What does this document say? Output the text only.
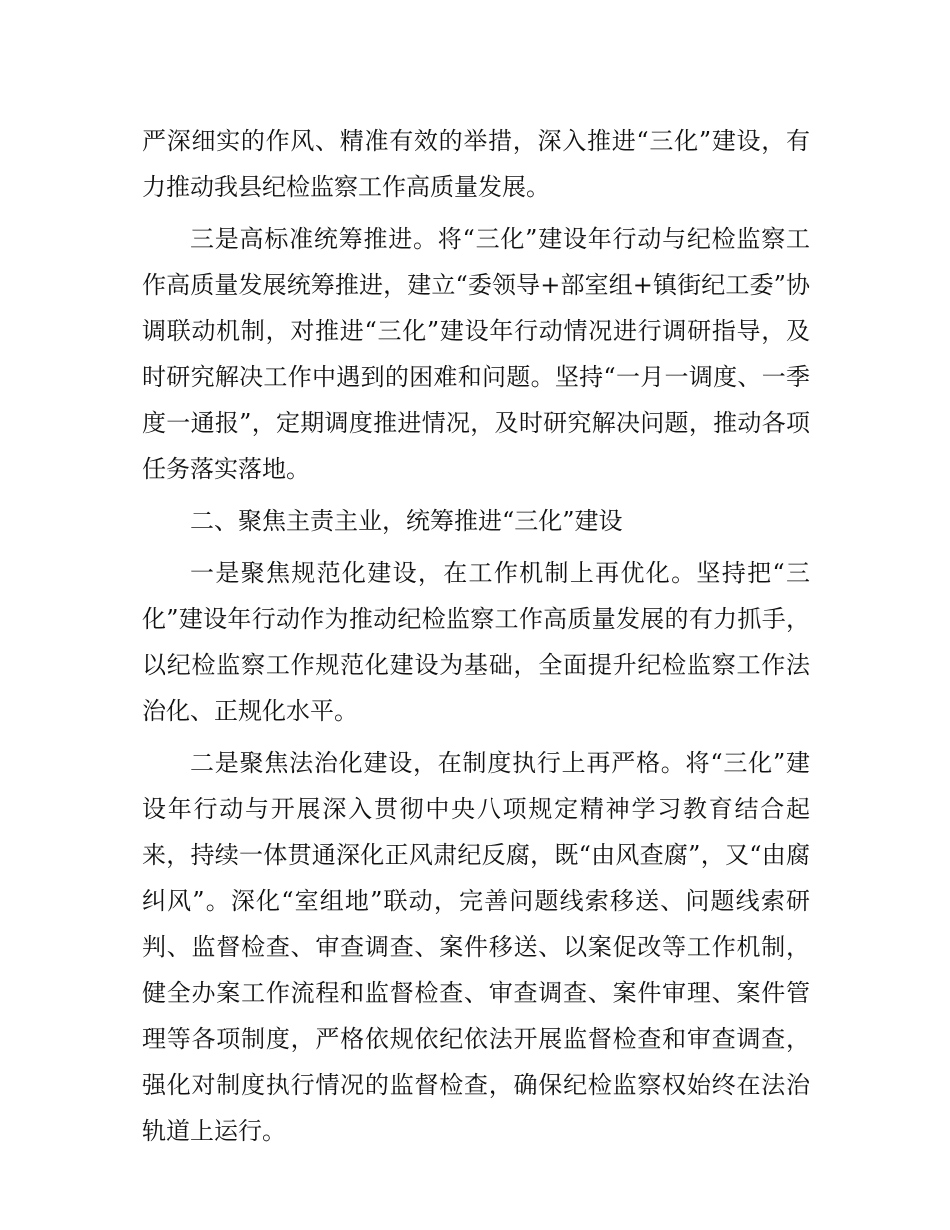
严深细实的作风、精准有效的举措，深入推进“三化”建设，有力推动我县纪检监察工作高质量发展。

三是高标准统筹推进。将“三化”建设年行动与纪检监察工作高质量发展统筹推进，建立“委领导+部室组+镇街纪工委”协调联动机制，对推进“三化”建设年行动情况进行调研指导，及时研究解决工作中遇到的困难和问题。坚持“一月一调度、一季度一通报”，定期调度推进情况，及时研究解决问题，推动各项任务落实落地。

二、聚焦主责主业，统筹推进“三化”建设

一是聚焦规范化建设，在工作机制上再优化。坚持把“三化”建设年行动作为推动纪检监察工作高质量发展的有力抓手，以纪检监察工作规范化建设为基础，全面提升纪检监察工作法治化、正规化水平。

二是聚焦法治化建设，在制度执行上再严格。将“三化”建设年行动与开展深入贯彻中央八项规定精神学习教育结合起来，持续一体贯通深化正风肃纪反腐，既“由风查腐”，又“由腐纠风”。深化“室组地”联动，完善问题线索移送、问题线索研判、监督检查、审查调查、案件移送、以案促改等工作机制，健全办案工作流程和监督检查、审查调查、案件审理、案件管理等各项制度，严格依规依纪依法开展监督检查和审查调查，强化对制度执行情况的监督检查，确保纪检监察权始终在法治轨道上运行。
